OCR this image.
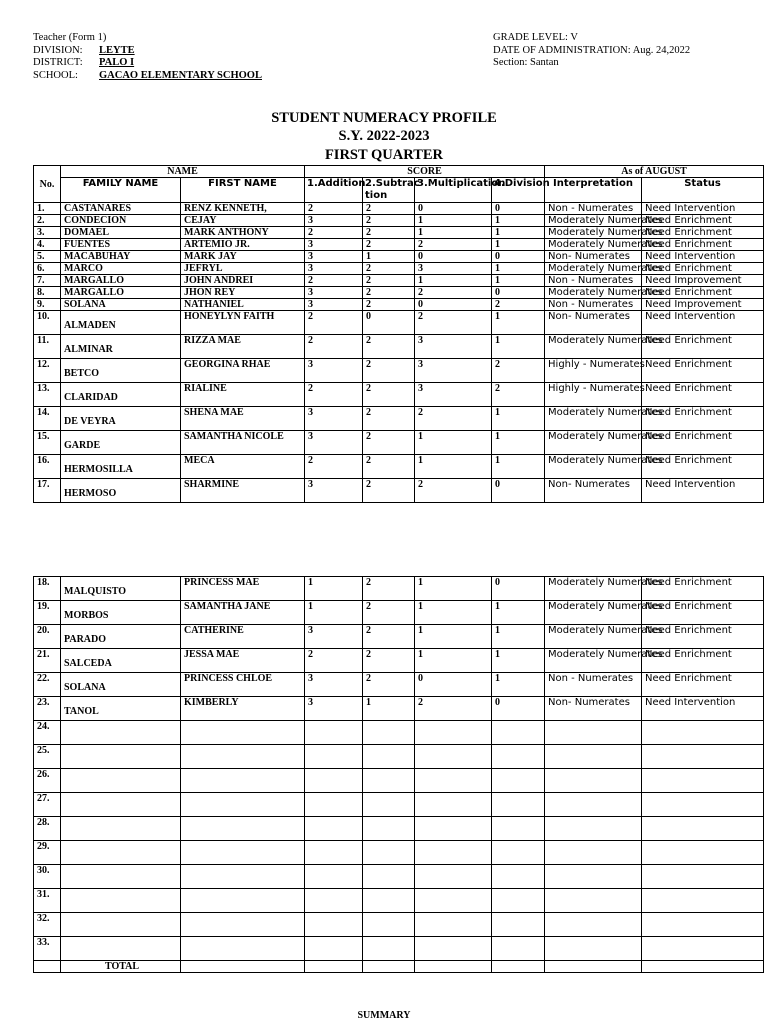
Teacher (Form 1)
DIVISION: LEYTE
DISTRICT: PALO I
SCHOOL: GACAO ELEMENTARY SCHOOL
GRADE LEVEL: V
DATE OF ADMINISTRATION: Aug. 24,2022
Section: Santan
STUDENT NUMERACY PROFILE
S.Y. 2022-2023
FIRST QUARTER
No.	NAME		SCORE				As of AUGUST	
	FAMILY NAME	FIRST NAME	1.Addition	2.Subtrac tion	3.Multiplication	4.Division	Interpretation	Status
1.	CASTANARES	RENZ KENNETH,	2	2	0	0	Non - Numerates	Need Intervention
2.	CONDECION	CEJAY	3	2	1	1	Moderately Numerates	Need Enrichment
3.	DOMAEL	MARK ANTHONY	2	2	1	1	Moderately Numerates	Need Enrichment
4.	FUENTES	ARTEMIO JR.	3	2	2	1	Moderately Numerates	Need Enrichment
5.	MACABUHAY	MARK JAY	3	1	0	0	Non- Numerates	Need Intervention
6.	MARCO	JEFRYL	3	2	3	1	Moderately Numerates	Need Enrichment
7.	MARGALLO	JOHN ANDREI	2	2	1	1	Non - Numerates	Need Improvement
8.	MARGALLO	JHON REY	3	2	2	0	Moderately Numerates	Need Enrichment
9.	SOLANA	NATHANIEL	3	2	0	2	Non - Numerates	Need Improvement
10.	ALMADEN	HONEYLYN FAITH	2	0	2	1	Non- Numerates	Need Intervention
11.	ALMINAR	RIZZA MAE	2	2	3	1	Moderately Numerates	Need Enrichment
12.	BETCO	GEORGINA RHAE	3	2	3	2	Highly - Numerates	Need Enrichment
13.	CLARIDAD	RIALINE	2	2	3	2	Highly - Numerates	Need Enrichment
14.	DE VEYRA	SHENA MAE	3	2	2	1	Moderately Numerates	Need Enrichment
15.	GARDE	SAMANTHA NICOLE	3	2	1	1	Moderately Numerates	Need Enrichment
16.	HERMOSILLA	MECA	2	2	1	1	Moderately Numerates	Need Enrichment
17.	HERMOSO	SHARMINE	3	2	2	0	Non- Numerates	Need Intervention
18.	MALQUISTO	PRINCESS MAE	1	2	1	0	Moderately Numerates	Need Enrichment
19.	MORBOS	SAMANTHA JANE	1	2	1	1	Moderately Numerates	Need Enrichment
20.	PARADO	CATHERINE	3	2	1	1	Moderately Numerates	Need Enrichment
21.	SALCEDA	JESSA MAE	2	2	1	1	Moderately Numerates	Need Enrichment
22.	SOLANA	PRINCESS CHLOE	3	2	0	1	Non - Numerates	Need Enrichment
23.	TANOL	KIMBERLY	3	1	2	0	Non- Numerates	Need Intervention
24.	

25.	

26.	

27.	

28.	

29.	

30.	

31.	

32.	

33.	

	TOTAL							
SUMMARY
